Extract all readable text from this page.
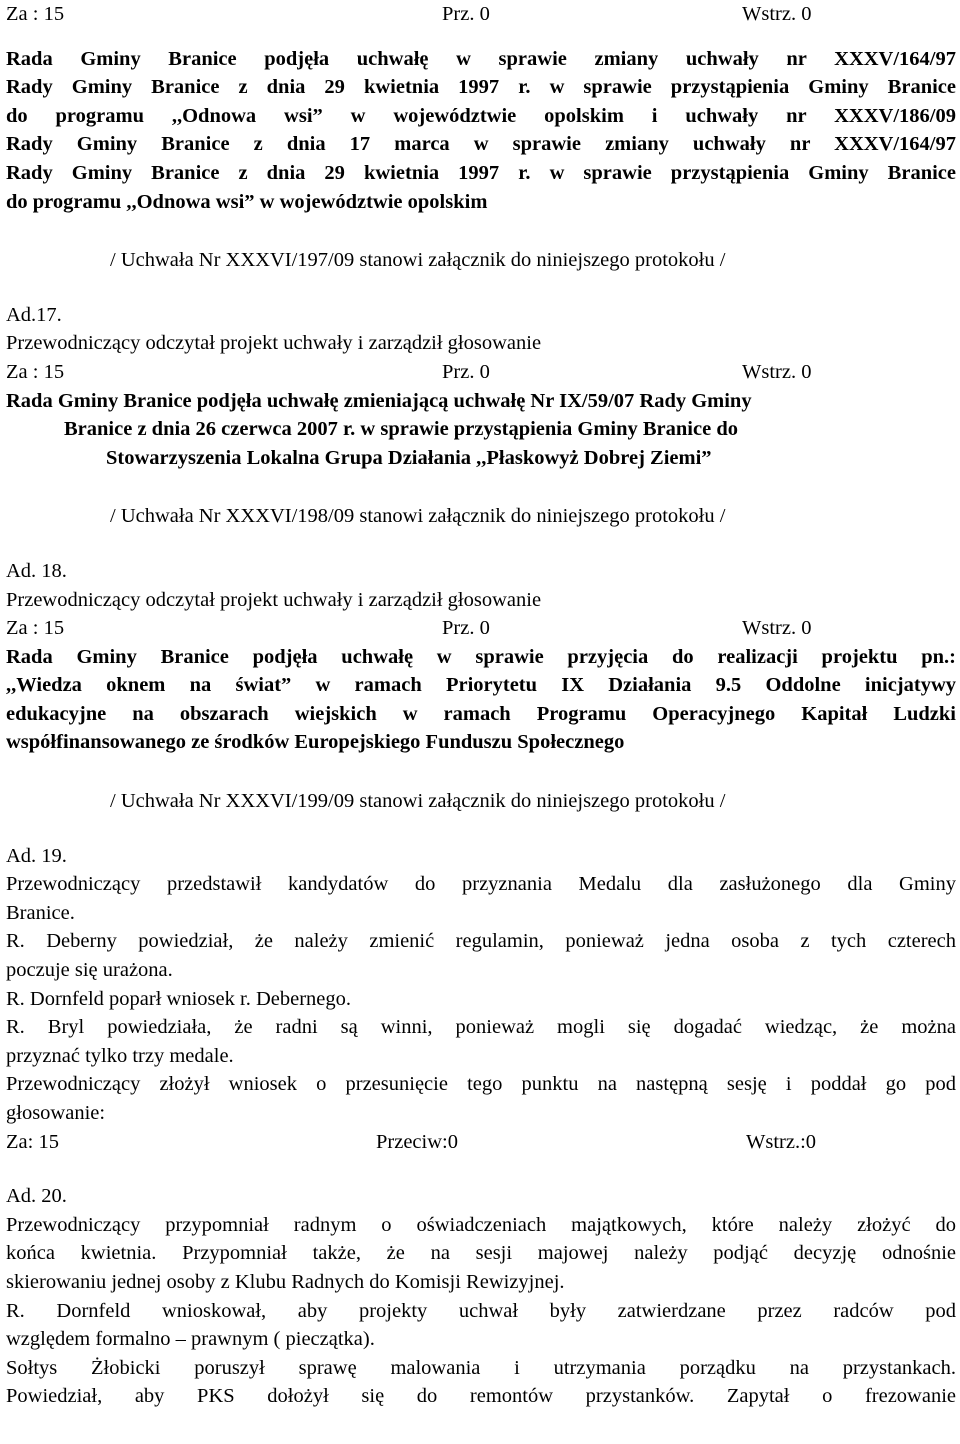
Za : 15	Prz. 0	Wstrz. 0
Rada Gminy Branice podjęła uchwałę w sprawie zmiany uchwały nr XXXV/164/97
Rady Gminy Branice z dnia 29 kwietnia 1997 r. w sprawie przystąpienia Gminy Branice
do programu ,,Odnowa wsi” w województwie opolskim i uchwały nr XXXV/186/09
Rady Gminy Branice z dnia 17 marca w sprawie zmiany uchwały nr XXXV/164/97
Rady Gminy Branice z dnia 29 kwietnia 1997 r. w sprawie przystąpienia Gminy Branice
do programu ,,Odnowa wsi” w województwie opolskim
/ Uchwała Nr XXXVI/197/09 stanowi załącznik do niniejszego protokołu /
Ad.17.
Przewodniczący odczytał projekt uchwały i zarządził głosowanie
Za : 15	Prz. 0	Wstrz. 0
Rada Gminy Branice podjęła uchwałę zmieniającą uchwałę Nr IX/59/07 Rady Gminy
Branice z dnia 26 czerwca 2007 r. w sprawie przystąpienia Gminy Branice do
Stowarzyszenia Lokalna Grupa Działania ,,Płaskowyż Dobrej Ziemi”
/ Uchwała Nr XXXVI/198/09 stanowi załącznik do niniejszego protokołu /
Ad. 18.
Przewodniczący odczytał projekt uchwały i zarządził głosowanie
Za : 15	Prz. 0	Wstrz. 0
Rada Gminy Branice podjęła uchwałę w sprawie przyjęcia do realizacji projektu pn.:
,,Wiedza oknem na świat” w ramach Priorytetu IX Działania 9.5 Oddolne inicjatywy
edukacyjne na obszarach wiejskich w ramach Programu Operacyjnego Kapitał Ludzki
współfinansowanego ze środków Europejskiego Funduszu Społecznego
/ Uchwała Nr XXXVI/199/09 stanowi załącznik do niniejszego protokołu /
Ad. 19.
Przewodniczący przedstawił kandydatów do przyznania Medalu dla zasłużonego dla Gminy
Branice.
R. Deberny powiedział, że należy zmienić regulamin, ponieważ jedna osoba z tych czterech
poczuje się urażona.
R. Dornfeld poparł wniosek r. Debernego.
R. Bryl powiedziała, że radni są winni, ponieważ mogli się dogadać wiedząc, że można
przyznać tylko trzy medale.
Przewodniczący złożył wniosek o przesunięcie tego punktu na następną sesję i poddał go pod
głosowanie:
Za: 15	Przeciw:0	Wstrz.:0
Ad. 20.
Przewodniczący przypomniał radnym o oświadczeniach majątkowych, które należy złożyć do
końca kwietnia. Przypomniał także, że na sesji majowej należy podjąć decyzję odnośnie
skierowaniu jednej osoby z Klubu Radnych do Komisji Rewizyjnej.
R. Dornfeld wnioskował, aby projekty uchwał były zatwierdzane przez radców pod
względem formalno – prawnym ( pieczątka).
Sołtys Żłobicki poruszył sprawę malowania i utrzymania porządku na przystankach.
Powiedział, aby PKS dołożył się do remontów przystanków. Zapytał o frezowanie
